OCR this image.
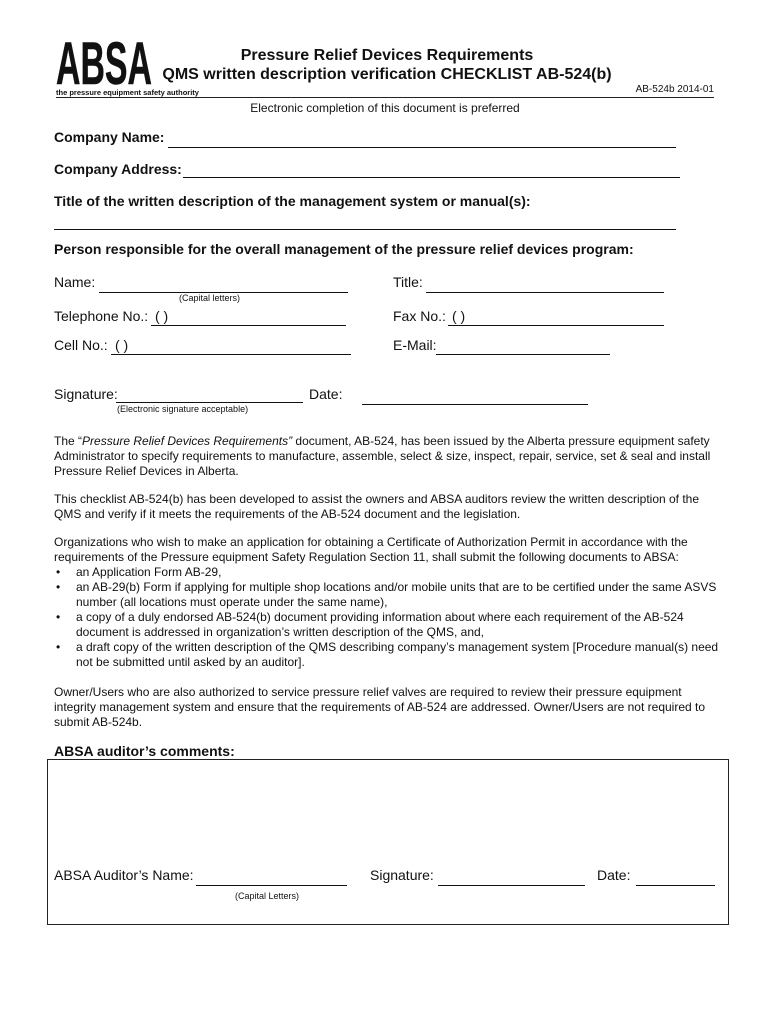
ABSA
the pressure equipment safety authority
Pressure Relief Devices Requirements
QMS written description verification CHECKLIST AB-524(b)
AB-524b 2014-01
Electronic completion of this document is preferred
Company Name:
Company Address:
Title of the written description of the management system or manual(s):
Person responsible for the overall management of the pressure relief devices program:
Name:
(Capital letters)
Title:
Telephone No.: ( )	Fax No.: ( )
Cell No.: ( )	E-Mail:
Signature:
(Electronic signature acceptable)
Date:

The “Pressure Relief Devices Requirements” document, AB-524, has been issued by the Alberta pressure equipment safety Administrator to specify requirements to manufacture, assemble, select & size, inspect, repair, service, set & seal and install Pressure Relief Devices in Alberta.

This checklist AB-524(b) has been developed to assist the owners and ABSA auditors review the written description of the QMS and verify if it meets the requirements of the AB-524 document and the legislation.

Organizations who wish to make an application for obtaining a Certificate of Authorization Permit in accordance with the requirements of the Pressure equipment Safety Regulation Section 11, shall submit the following documents to ABSA:

• an Application Form AB-29,
• an AB-29(b) Form if applying for multiple shop locations and/or mobile units that are to be certified under the same ASVS number (all locations must operate under the same name),
• a copy of a duly endorsed AB-524(b) document providing information about where each requirement of the AB-524 document is addressed in organization’s written description of the QMS, and,
• a draft copy of the written description of the QMS describing company’s management system [Procedure manual(s) need not be submitted until asked by an auditor].

Owner/Users who are also authorized to service pressure relief valves are required to review their pressure equipment integrity management system and ensure that the requirements of AB-524 are addressed. Owner/Users are not required to submit AB-524b.

ABSA auditor’s comments:
ABSA Auditor’s Name:
(Capital Letters)
Signature:	Date:
